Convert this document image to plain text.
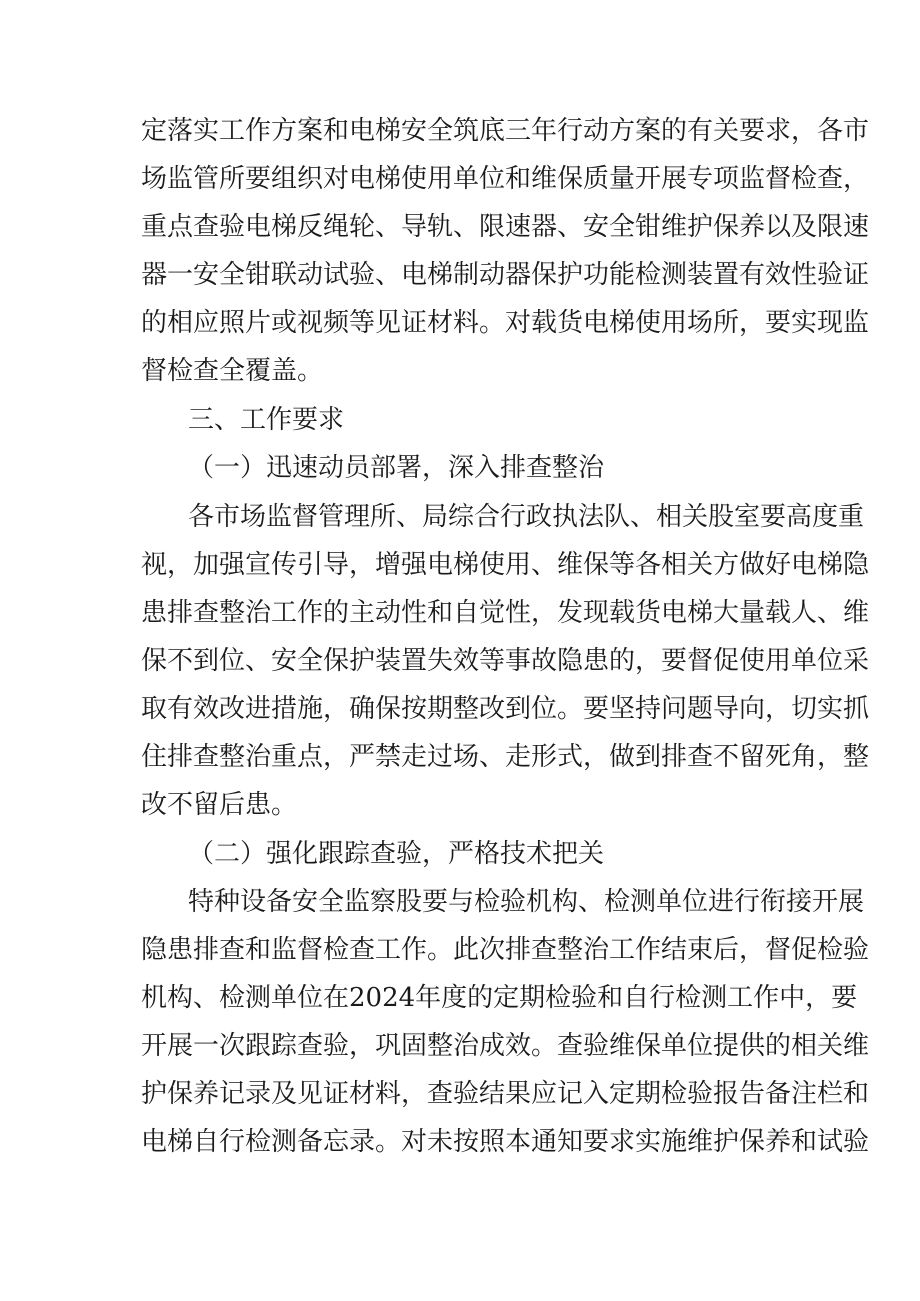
定落实工作方案和电梯安全筑底三年行动方案的有关要求，各市
场监管所要组织对电梯使用单位和维保质量开展专项监督检查，
重点查验电梯反绳轮、导轨、限速器、安全钳维护保养以及限速
器一安全钳联动试验、电梯制动器保护功能检测装置有效性验证
的相应照片或视频等见证材料。对载货电梯使用场所，要实现监
督检查全覆盖。
三、工作要求
（一）迅速动员部署，深入排查整治
各市场监督管理所、局综合行政执法队、相关股室要高度重
视，加强宣传引导，增强电梯使用、维保等各相关方做好电梯隐
患排查整治工作的主动性和自觉性，发现载货电梯大量载人、维
保不到位、安全保护装置失效等事故隐患的，要督促使用单位采
取有效改进措施，确保按期整改到位。要坚持问题导向，切实抓
住排查整治重点，严禁走过场、走形式，做到排查不留死角，整
改不留后患。
（二）强化跟踪查验，严格技术把关
特种设备安全监察股要与检验机构、检测单位进行衔接开展
隐患排查和监督检查工作。此次排查整治工作结束后，督促检验
机构、检测单位在2024年度的定期检验和自行检测工作中，要
开展一次跟踪查验，巩固整治成效。查验维保单位提供的相关维
护保养记录及见证材料，查验结果应记入定期检验报告备注栏和
电梯自行检测备忘录。对未按照本通知要求实施维护保养和试验
